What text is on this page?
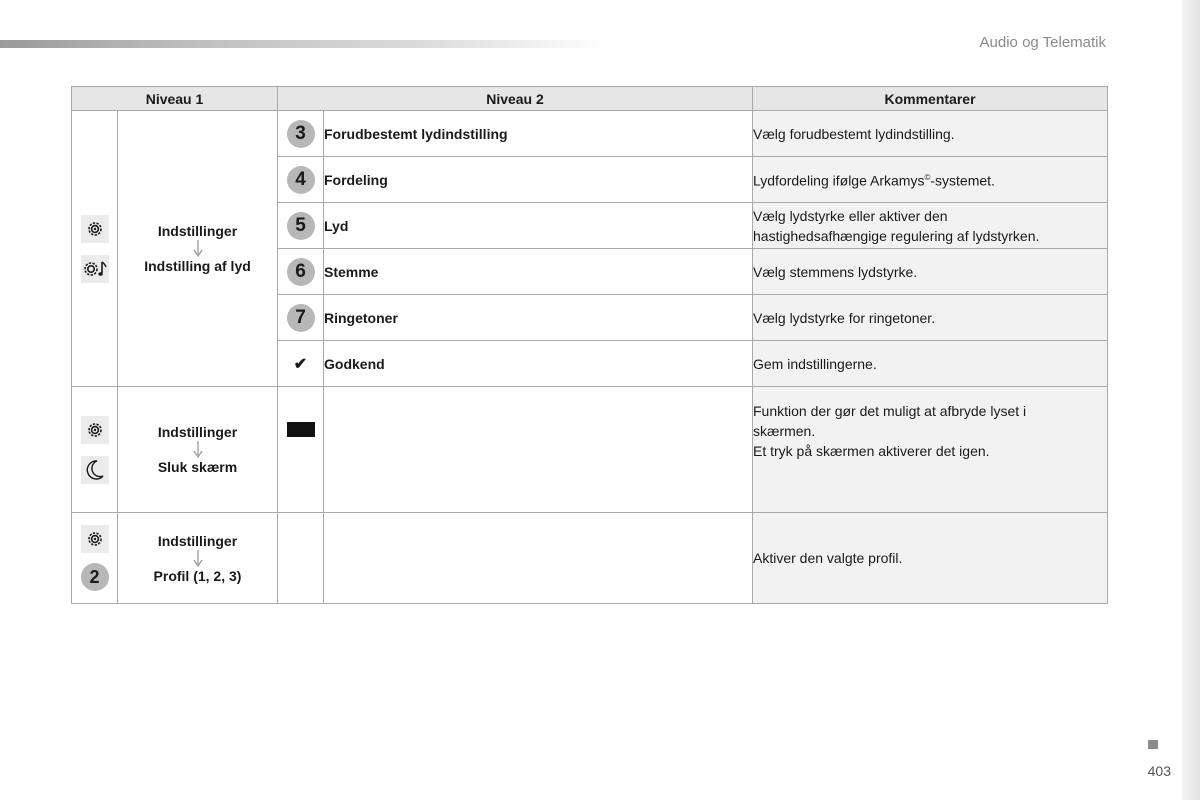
Audio og Telematik
Niveau 1		Niveau 2		Kommentarer

Indstillinger
Indstilling af lyd	3	Forudbestemt lydindstilling	Vælg forudbestemt lydindstilling.

		4	Fordeling	Lydfordeling ifølge Arkamys©-systemet.
		5	Lyd	Vælg lydstyrke eller aktiver den
hastighedsafhængige regulering af lydstyrken.

		6	Stemme	Vælg stemmens lydstyrke.

		7	Ringetoner	Vælg lydstyrke for ringetoner.

		✔	Godkend	Gem indstillingerne.

Indstillinger
Sluk skærm			Funktion der gør det muligt at afbryde lyset i
skærmen.
Et tryk på skærmen aktiverer det igen.

2	Indstillinger
Profil (1, 2, 3)			Aktiver den valgte profil.
403
